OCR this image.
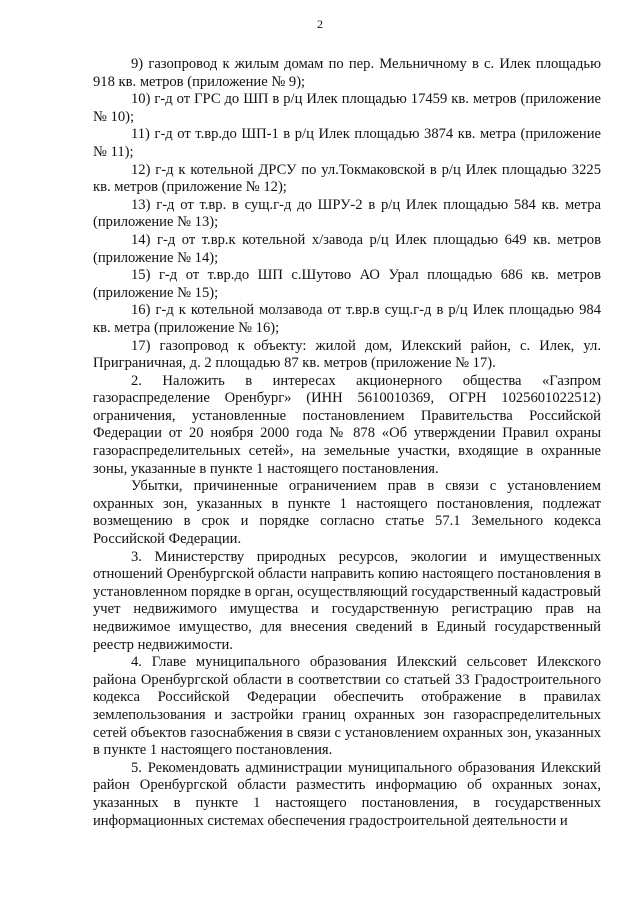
2

9) газопровод к жилым домам по пер. Мельничному в с. Илек площадью 918 кв. метров (приложение № 9);

10) г-д от ГРС до ШП в р/ц Илек площадью 17459 кв. метров (приложение № 10);

11) г-д от т.вр.до ШП-1 в р/ц Илек площадью 3874 кв. метра (приложение № 11);

12) г-д к котельной ДРСУ по ул.Токмаковской в р/ц Илек площадью 3225 кв. метров (приложение № 12);

13) г-д от т.вр. в сущ.г-д до ШРУ-2 в р/ц Илек площадью 584 кв. метра (приложение № 13);

14) г-д от т.вр.к котельной х/завода р/ц Илек площадью 649 кв. метров (приложение № 14);

15) г-д от т.вр.до ШП с.Шутово АО Урал площадью 686 кв. метров (приложение № 15);

16) г-д к котельной молзавода от т.вр.в сущ.г-д в р/ц Илек площадью 984 кв. метра (приложение № 16);

17) газопровод к объекту: жилой дом, Илекский район, с. Илек, ул. Приграничная, д. 2 площадью 87 кв. метров (приложение № 17).

2. Наложить в интересах акционерного общества «Газпром газораспределение Оренбург» (ИНН 5610010369, ОГРН 1025601022512) ограничения, установленные постановлением Правительства Российской Федерации от 20 ноября 2000 года № 878 «Об утверждении Правил охраны газораспределительных сетей», на земельные участки, входящие в охранные зоны, указанные в пункте 1 настоящего постановления.

Убытки, причиненные ограничением прав в связи с установлением охранных зон, указанных в пункте 1 настоящего постановления, подлежат возмещению в срок и порядке согласно статье 57.1 Земельного кодекса Российской Федерации.

3. Министерству природных ресурсов, экологии и имущественных отношений Оренбургской области направить копию настоящего постановления в установленном порядке в орган, осуществляющий государственный кадастровый учет недвижимого имущества и государственную регистрацию прав на недвижимое имущество, для внесения сведений в Единый государственный реестр недвижимости.

4. Главе муниципального образования Илекский сельсовет Илекского района Оренбургской области в соответствии со статьей 33 Градостроительного кодекса Российской Федерации обеспечить отображение в правилах землепользования и застройки границ охранных зон газораспределительных сетей объектов газоснабжения в связи с установлением охранных зон, указанных в пункте 1 настоящего постановления.

5. Рекомендовать администрации муниципального образования Илекский район Оренбургской области разместить информацию об охранных зонах, указанных в пункте 1 настоящего постановления, в государственных информационных системах обеспечения градостроительной деятельности и
